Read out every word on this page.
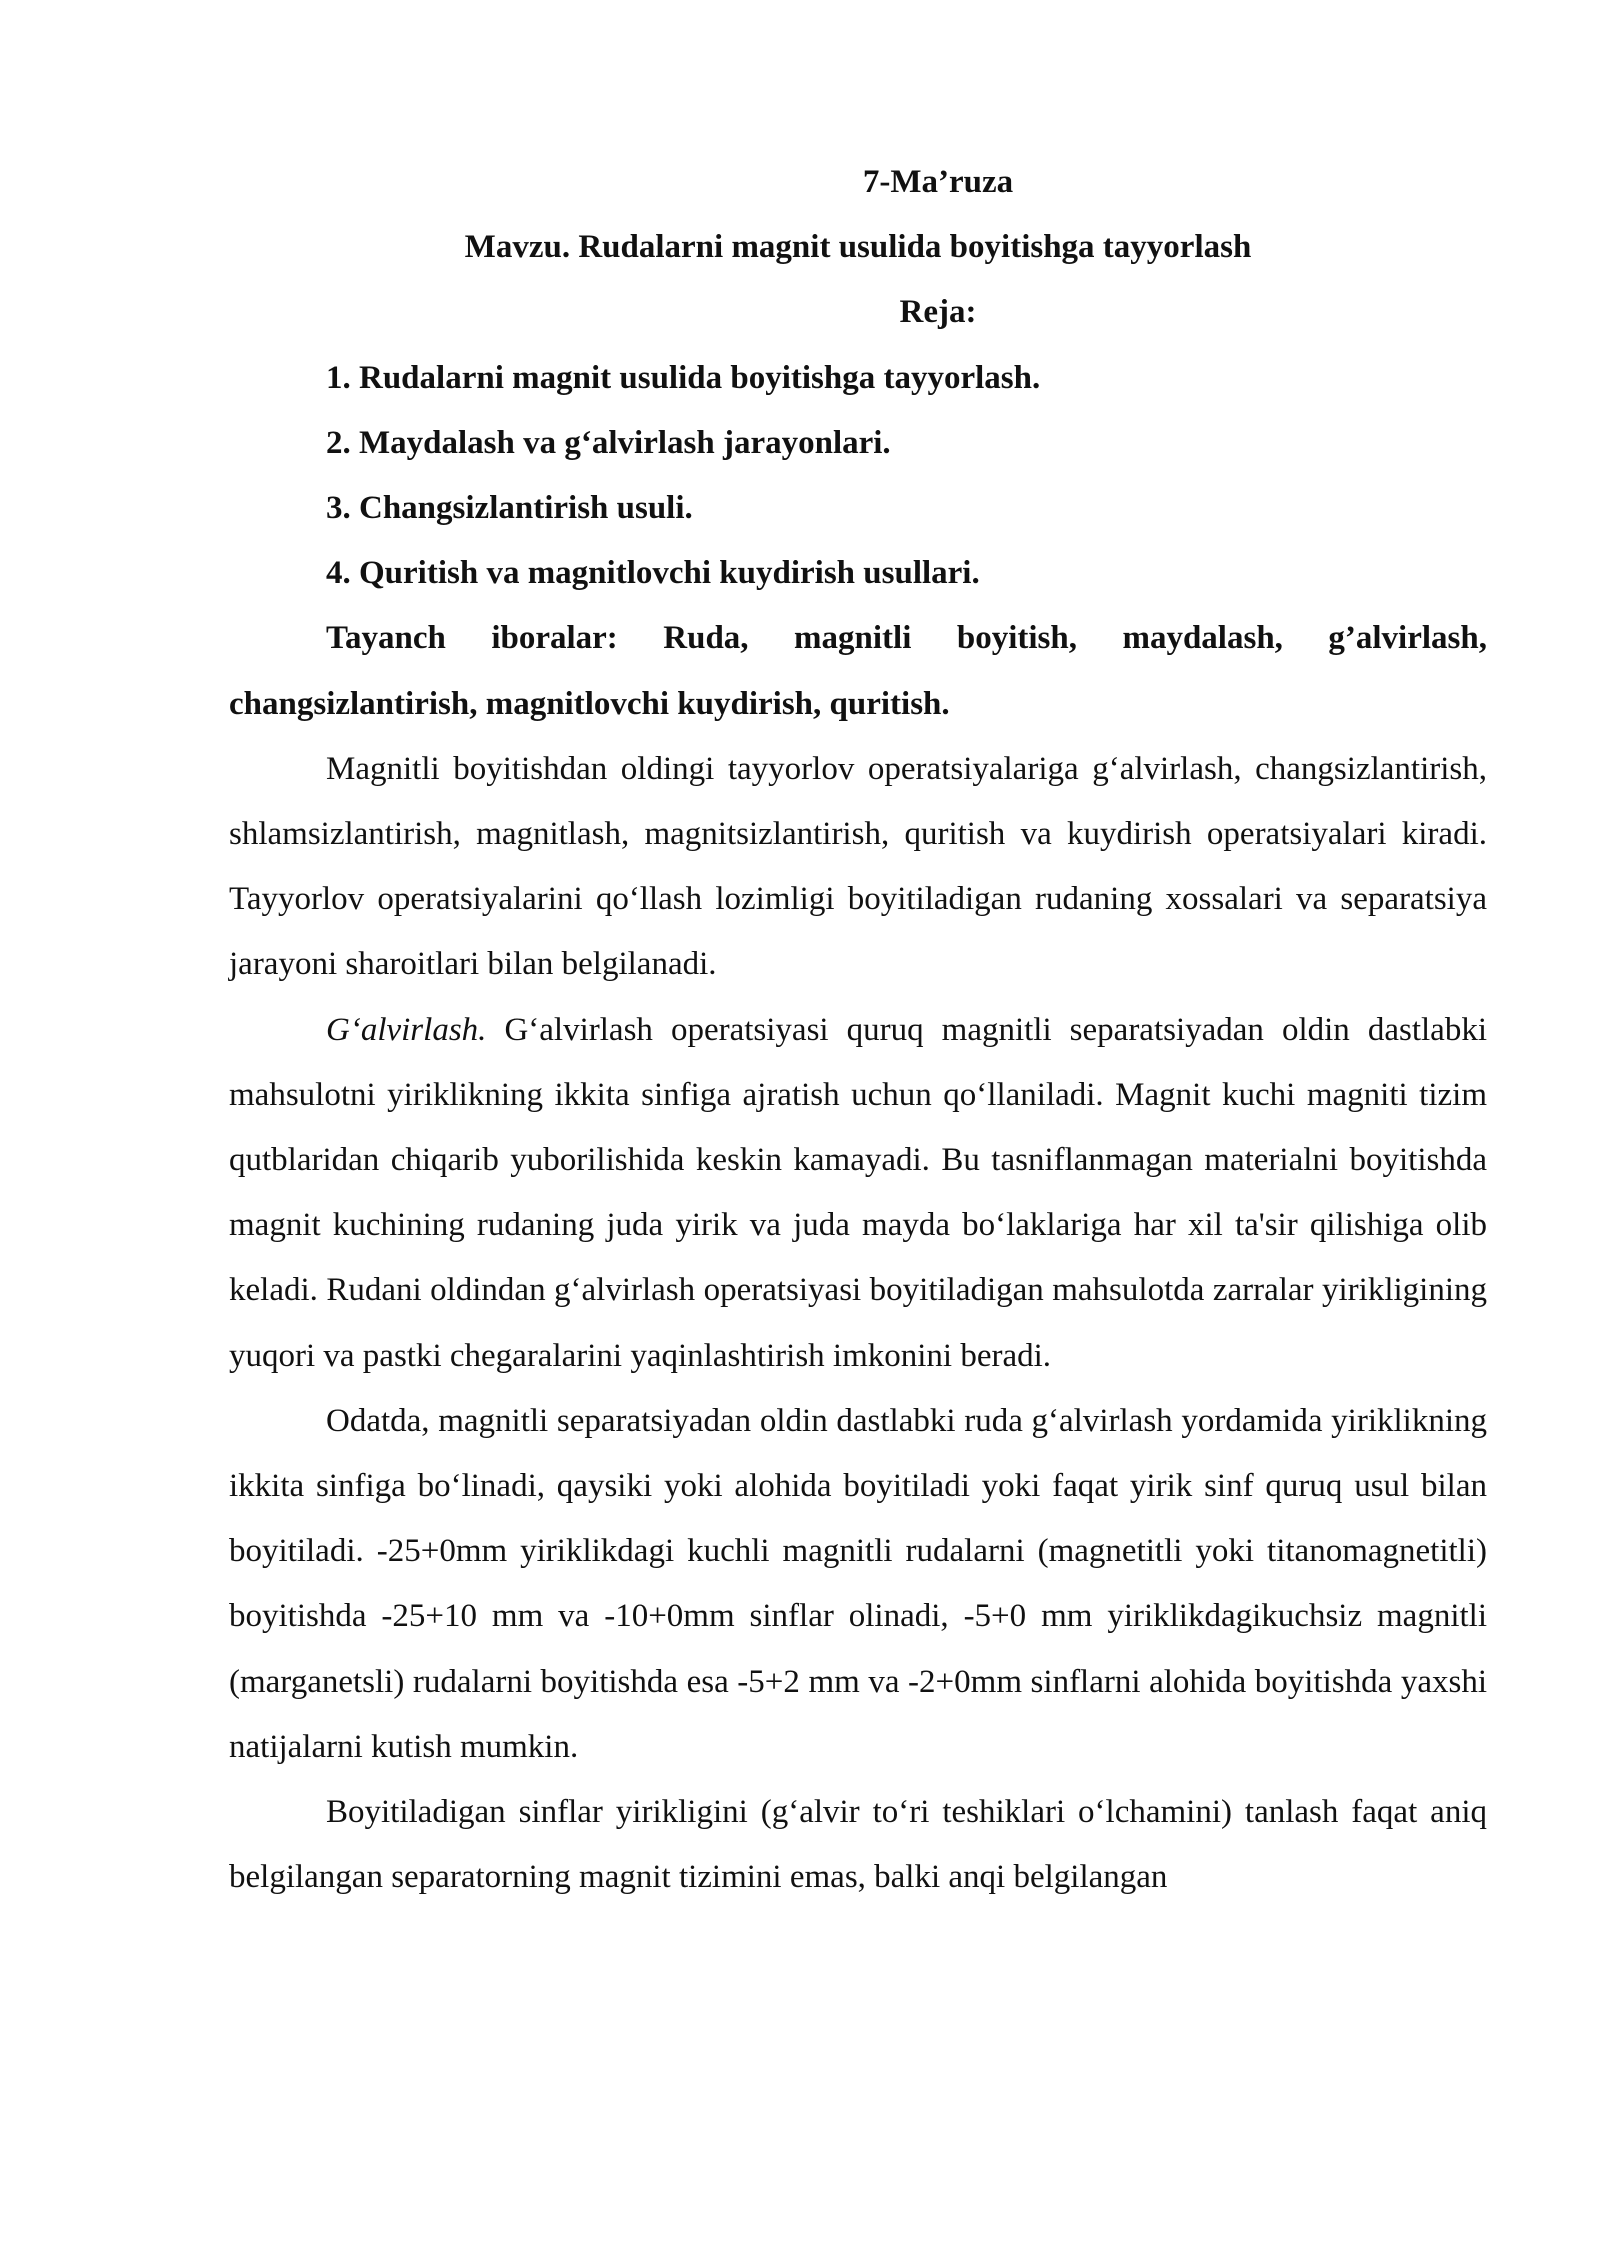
7-Ma’ruza
Mavzu. Rudalarni magnit usulida boyitishga tayyorlash
Reja:
1. Rudalarni magnit usulida boyitishga tayyorlash.
2. Maydalash va g‘alvirlash jarayonlari.
3. Changsizlantirish usuli.
4. Quritish va magnitlovchi kuydirish usullari.

Tayanch iboralar: Ruda, magnitli boyitish, maydalash, g’alvirlash, changsizlantirish, magnitlovchi kuydirish, quritish.

Magnitli boyitishdan oldingi tayyorlov operatsiyalariga g‘alvirlash, changsizlantirish, shlamsizlantirish, magnitlash, magnitsizlantirish, quritish va kuydirish operatsiyalari kiradi. Tayyorlov operatsiyalarini qo‘llash lozimligi boyitiladigan rudaning xossalari va separatsiya jarayoni sharoitlari bilan belgilanadi.

G‘alvirlash. G‘alvirlash operatsiyasi quruq magnitli separatsiyadan oldin dastlabki mahsulotni yiriklikning ikkita sinfiga ajratish uchun qo‘llaniladi. Magnit kuchi magniti tizim qutblaridan chiqarib yuborilishida keskin kamayadi. Bu tasniflanmagan materialni boyitishda magnit kuchining rudaning juda yirik va juda mayda bo‘laklariga har xil ta'sir qilishiga olib keladi. Rudani oldindan g‘alvirlash operatsiyasi boyitiladigan mahsulotda zarralar yirikligining yuqori va pastki chegaralarini yaqinlashtirish imkonini beradi.

Odatda, magnitli separatsiyadan oldin dastlabki ruda g‘alvirlash yordamida yiriklikning ikkita sinfiga bo‘linadi, qaysiki yoki alohida boyitiladi yoki faqat yirik sinf quruq usul bilan boyitiladi. -25+0mm yiriklikdagi kuchli magnitli rudalarni (magnetitli yoki titanomagnetitli) boyitishda -25+10 mm va -10+0mm sinflar olinadi, -5+0 mm yiriklikdagikuchsiz magnitli (marganetsli) rudalarni boyitishda esa -5+2 mm va -2+0mm sinflarni alohida boyitishda yaxshi natijalarni kutish mumkin.

Boyitiladigan sinflar yirikligini (g‘alvir to‘ri teshiklari o‘lchamini) tanlash faqat aniq belgilangan separatorning magnit tizimini emas, balki anqi belgilangan
